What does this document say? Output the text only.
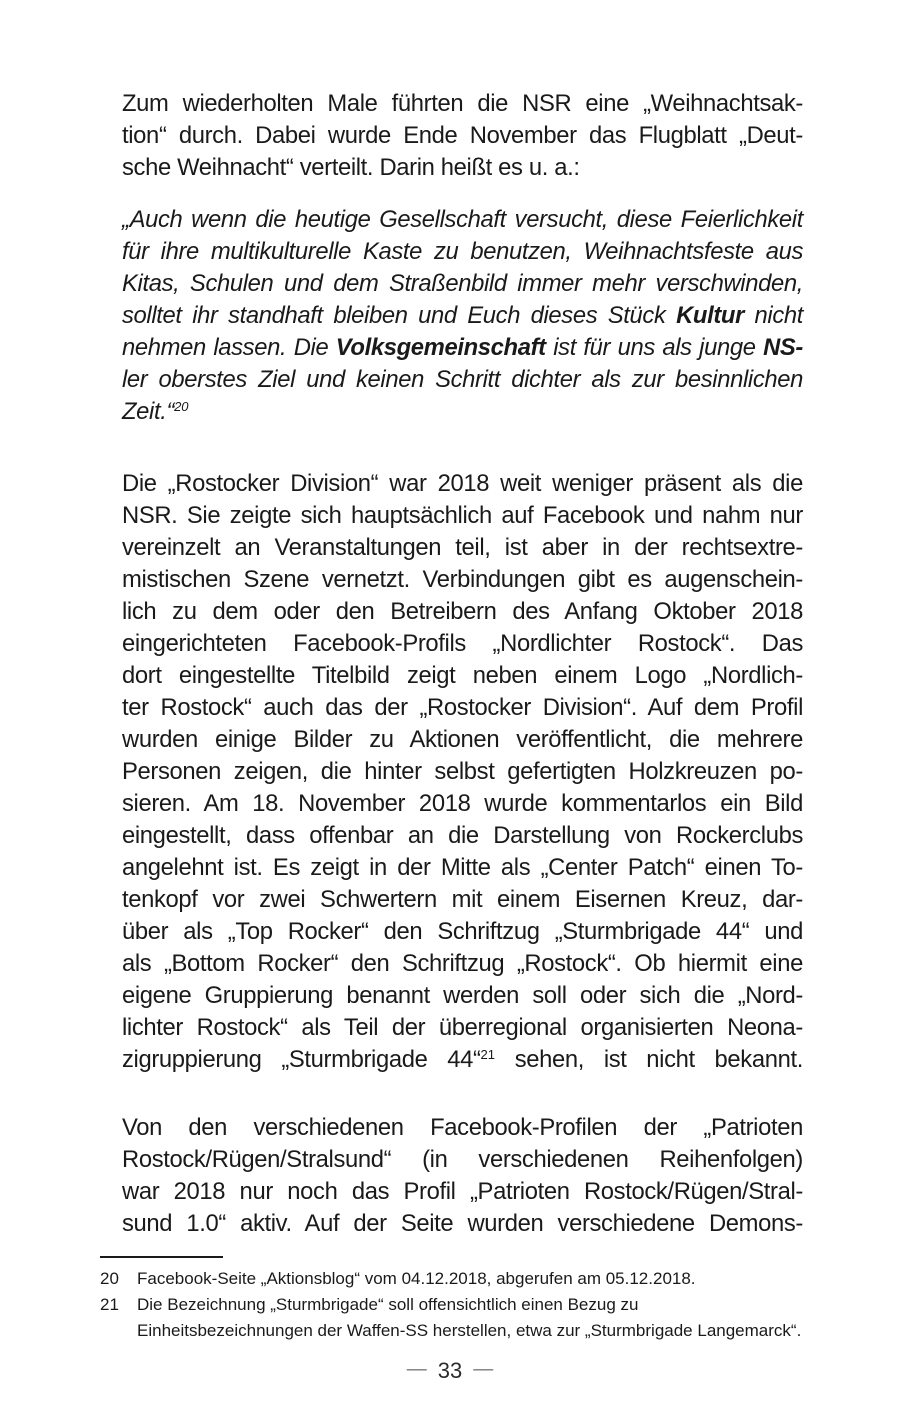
Zum wiederholten Male führten die NSR eine „Weihnachtsak-
tion“ durch. Dabei wurde Ende November das Flugblatt „Deut-
sche Weihnacht“ verteilt. Darin heißt es u. a.:

„Auch wenn die heutige Gesellschaft versucht, diese Feierlichkeit
für ihre multikulturelle Kaste zu benutzen, Weihnachtsfeste aus
Kitas, Schulen und dem Straßenbild immer mehr verschwinden,
solltet ihr standhaft bleiben und Euch dieses Stück Kultur nicht
nehmen lassen. Die Volksgemeinschaft ist für uns als junge NS-
ler oberstes Ziel und keinen Schritt dichter als zur besinnlichen
Zeit.“$^{20}$

Die „Rostocker Division“ war 2018 weit weniger präsent als die
NSR. Sie zeigte sich hauptsächlich auf Facebook und nahm nur
vereinzelt an Veranstaltungen teil, ist aber in der rechtsextre-
mistischen Szene vernetzt. Verbindungen gibt es augenschein-
lich zu dem oder den Betreibern des Anfang Oktober 2018
eingerichteten Facebook-Profils „Nordlichter Rostock“. Das
dort eingestellte Titelbild zeigt neben einem Logo „Nordlich-
ter Rostock“ auch das der „Rostocker Division“. Auf dem Profil
wurden einige Bilder zu Aktionen veröffentlicht, die mehrere
Personen zeigen, die hinter selbst gefertigten Holzkreuzen po-
sieren. Am 18. November 2018 wurde kommentarlos ein Bild
eingestellt, dass offenbar an die Darstellung von Rockerclubs
angelehnt ist. Es zeigt in der Mitte als „Center Patch“ einen To-
tenkopf vor zwei Schwertern mit einem Eisernen Kreuz, dar-
über als „Top Rocker“ den Schriftzug „Sturmbrigade 44“ und
als „Bottom Rocker“ den Schriftzug „Rostock“. Ob hiermit eine
eigene Gruppierung benannt werden soll oder sich die „Nord-
lichter Rostock“ als Teil der überregional organisierten Neona-
zigruppierung „Sturmbrigade 44“$^{21}$ sehen, ist nicht bekannt.

Von den verschiedenen Facebook-Profilen der „Patrioten
Rostock/Rügen/Stralsund“ (in verschiedenen Reihenfolgen)
war 2018 nur noch das Profil „Patrioten Rostock/Rügen/Stral-
sund 1.0“ aktiv. Auf der Seite wurden verschiedene Demons-

20	Facebook-Seite „Aktionsblog“ vom 04.12.2018, abgerufen am 05.12.2018.
21	Die Bezeichnung „Sturmbrigade“ soll offensichtlich einen Bezug zu
Einheitsbezeichnungen der Waffen-SS herstellen, etwa zur „Sturmbrigade Langemarck“.
— 33 —
